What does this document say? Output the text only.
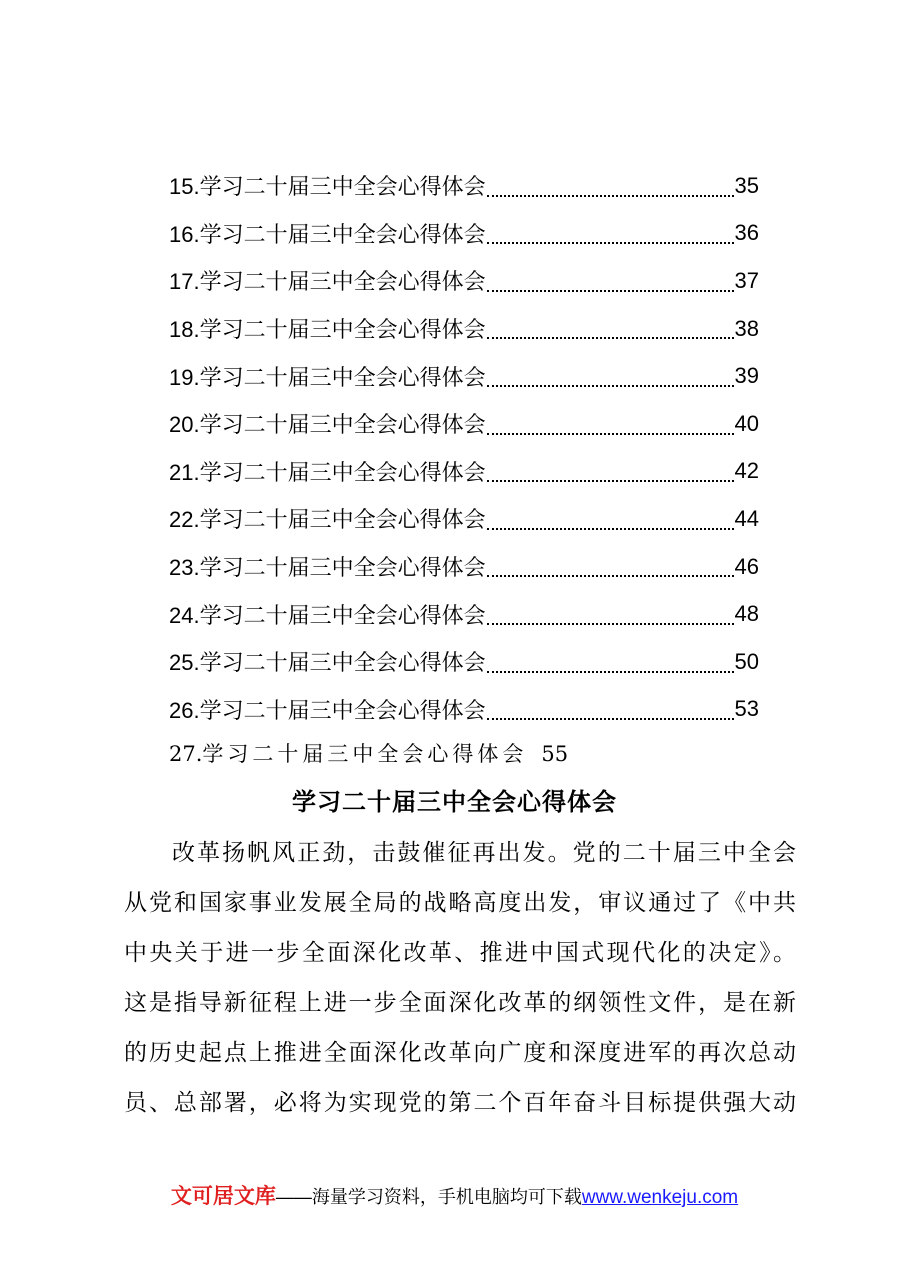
15.学习二十届三中全会心得体会	35
16.学习二十届三中全会心得体会	36
17.学习二十届三中全会心得体会	37
18.学习二十届三中全会心得体会	38
19.学习二十届三中全会心得体会	39
20.学习二十届三中全会心得体会	40
21.学习二十届三中全会心得体会	42
22.学习二十届三中全会心得体会	44
23.学习二十届三中全会心得体会	46
24.学习二十届三中全会心得体会	48
25.学习二十届三中全会心得体会	50
26.学习二十届三中全会心得体会	53
27.学习二十届三中全会心得体会 55
学习二十届三中全会心得体会
改革扬帆风正劲，击鼓催征再出发。党的二十届三中全会
从党和国家事业发展全局的战略高度出发，审议通过了《中共
中央关于进一步全面深化改革、推进中国式现代化的决定》。
这是指导新征程上进一步全面深化改革的纲领性文件，是在新
的历史起点上推进全面深化改革向广度和深度进军的再次总动
员、总部署，必将为实现党的第二个百年奋斗目标提供强大动
文可居文库——海量学习资料，手机电脑均可下载www.wenkeju.com
